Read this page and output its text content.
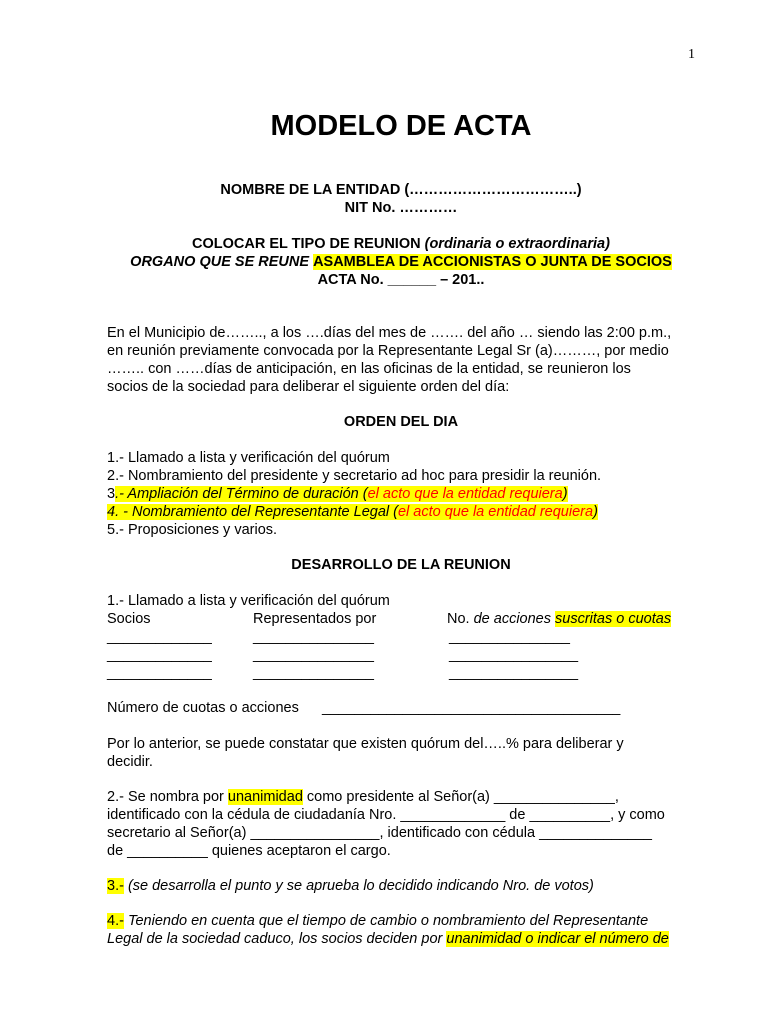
1
MODELO DE ACTA
NOMBRE DE LA ENTIDAD (……………………………..)
NIT No. …………
COLOCAR EL TIPO DE REUNION (ordinaria o extraordinaria)
ORGANO QUE SE REUNE ASAMBLEA DE ACCIONISTAS O JUNTA DE SOCIOS
ACTA No. ______ – 201..
En el Municipio de…….., a los ….días del mes de ……. del año … siendo las 2:00 p.m.,
en reunión previamente convocada por la Representante Legal Sr (a)………, por medio
…….. con ……días de anticipación, en las oficinas de la entidad, se reunieron los
socios de la sociedad para deliberar el siguiente orden del día:
ORDEN DEL DIA
1.- Llamado a lista y verificación del quórum
2.- Nombramiento del presidente y secretario ad hoc para presidir la reunión.
3.- Ampliación del Término de duración (el acto que la entidad requiera)
4. - Nombramiento del Representante Legal (el acto que la entidad requiera)
5.- Proposiciones y varios.
DESARROLLO DE LA REUNION
1.- Llamado a lista y verificación del quórum
Socios	Representados por	No. de acciones suscritas o cuotas
_____________	_______________	_______________
_____________	_______________	________________
_____________	_______________	________________
Número de cuotas o acciones _____________________________________
Por lo anterior, se puede constatar que existen quórum del…..% para deliberar y
decidir.
2.- Se nombra por unanimidad como presidente al Señor(a) _______________,
identificado con la cédula de ciudadanía Nro. _____________ de __________, y como
secretario al Señor(a) ________________, identificado con cédula ______________
de __________ quienes aceptaron el cargo.
3.- (se desarrolla el punto y se aprueba lo decidido indicando Nro. de votos)
4.- Teniendo en cuenta que el tiempo de cambio o nombramiento del Representante
Legal de la sociedad caduco, los socios deciden por unanimidad o indicar el número de
